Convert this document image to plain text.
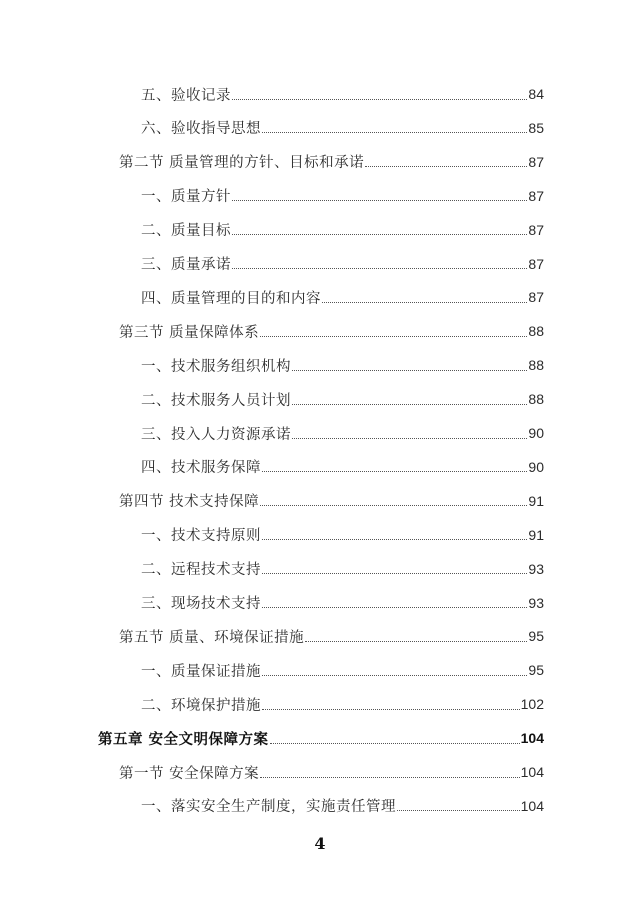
五、验收记录	84
六、验收指导思想	85
第二节 质量管理的方针、目标和承诺	87
一、质量方针	87
二、质量目标	87
三、质量承诺	87
四、质量管理的目的和内容	87
第三节 质量保障体系	88
一、技术服务组织机构	88
二、技术服务人员计划	88
三、投入人力资源承诺	90
四、技术服务保障	90
第四节 技术支持保障	91
一、技术支持原则	91
二、远程技术支持	93
三、现场技术支持	93
第五节 质量、环境保证措施	95
一、质量保证措施	95
二、环境保护措施	102
第五章 安全文明保障方案	104
第一节 安全保障方案	104
一、落实安全生产制度，实施责任管理	104
4
